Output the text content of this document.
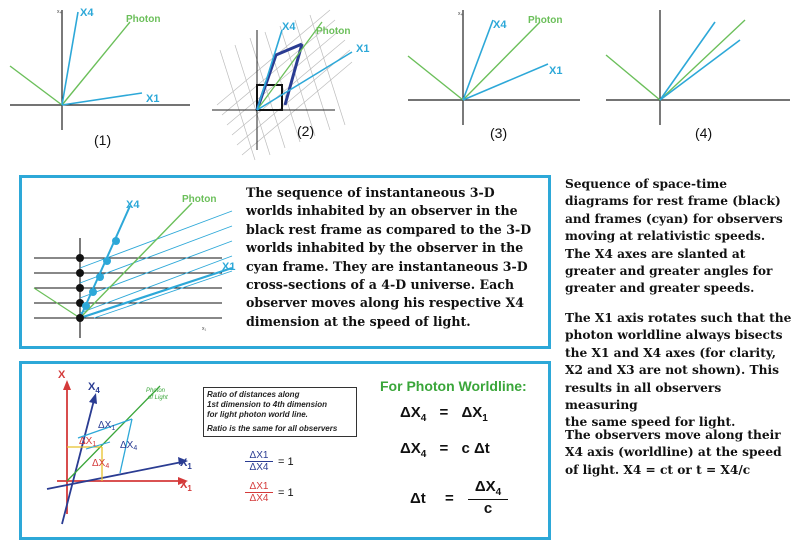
x₄ X4
Photon
X1
(1)
X4 Photon
X1
(2)
x₄
X4 Photon
X1
(3)	(4)
x₁
X4	Photon
X1
The sequence of instantaneous 3-D
worlds inhabited by an observer in the
black rest frame as compared to the 3-D
worlds inhabited by the observer in the
cyan frame. They are instantaneous 3-D
cross-sections of a 4-D universe. Each
observer moves along his respective X4
dimension at the speed of light.
X
$X_4$	Photon of Light
$X_1$
$X_1$
$\Delta X_1$
$\Delta X_1$ $\Delta X_4$
$\Delta X_4$
Ratio of distances along
1st dimension to 4th dimension
for light photon world line.
Ratio is the same for all observers
$\frac{\Delta X1}{\Delta X4} = 1$
$\frac{\Delta X1}{\Delta X4} = 1$
For Photon Worldline:
$\Delta X_4 = \Delta X_1$
$\Delta X_4 = c$ Δt
$\Delta t = \frac{\Delta X_4}{c}$
Sequence of space-time
diagrams for rest frame (black)
and frames (cyan) for observers
moving at relativistic speeds.
The X4 axes are slanted at
greater and greater angles for
greater and greater speeds.
The X1 axis rotates such that the
photon worldline always bisects
the X1 and X4 axes (for clarity,
X2 and X3 are not shown). This
results in all observers measuring
the same speed for light.
The observers move along their
X4 axis (worldline) at the speed
of light. X4 = ct or t = X4/c
